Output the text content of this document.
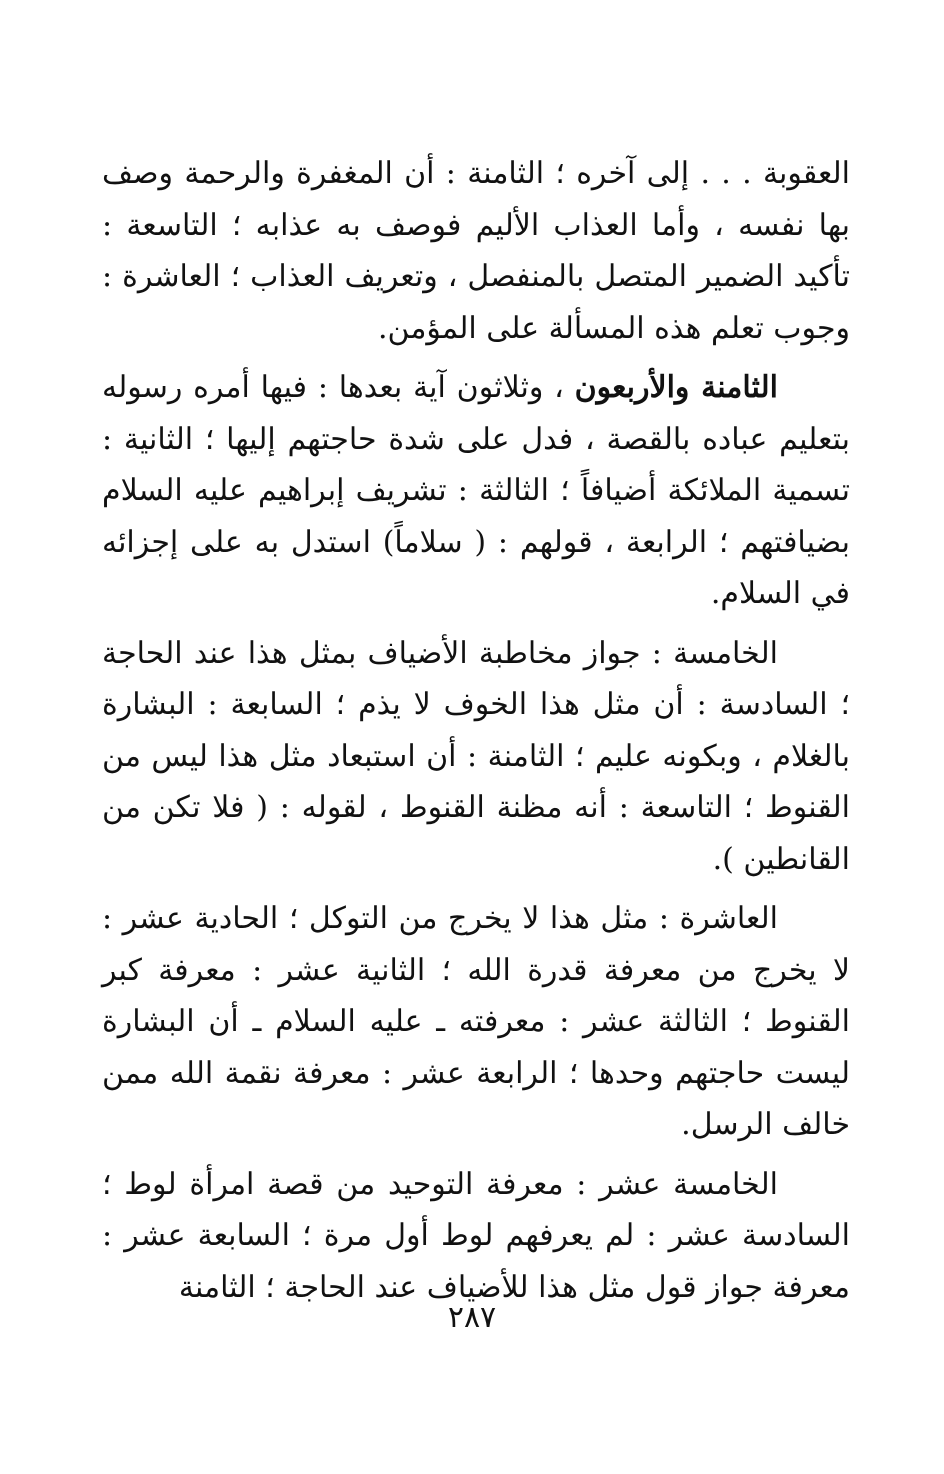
العقوبة . . . إلى آخره ؛ الثامنة : أن المغفرة والرحمة وصف بها نفسه ، وأما العذاب الأليم فوصف به عذابه ؛ التاسعة : تأكيد الضمير المتصل بالمنفصل ، وتعريف العذاب ؛ العاشرة : وجوب تعلم هذه المسألة على المؤمن.

الثامنة والأربعون ، وثلاثون آية بعدها : فيها أمره رسوله بتعليم عباده بالقصة ، فدل على شدة حاجتهم إليها ؛ الثانية : تسمية الملائكة أضيافاً ؛ الثالثة : تشريف إبراهيم عليه السلام بضيافتهم ؛ الرابعة ، قولهم : ( سلاماً) استدل به على إجزائه في السلام.

الخامسة : جواز مخاطبة الأضياف بمثل هذا عند الحاجة ؛ السادسة : أن مثل هذا الخوف لا يذم ؛ السابعة : البشارة بالغلام ، وبكونه عليم ؛ الثامنة : أن استبعاد مثل هذا ليس من القنوط ؛ التاسعة : أنه مظنة القنوط ، لقوله : ( فلا تكن من القانطين ).

العاشرة : مثل هذا لا يخرج من التوكل ؛ الحادية عشر : لا يخرج من معرفة قدرة الله ؛ الثانية عشر : معرفة كبر القنوط ؛ الثالثة عشر : معرفته ـ عليه السلام ـ أن البشارة ليست حاجتهم وحدها ؛ الرابعة عشر : معرفة نقمة الله ممن خالف الرسل.

الخامسة عشر : معرفة التوحيد من قصة امرأة لوط ؛ السادسة عشر : لم يعرفهم لوط أول مرة ؛ السابعة عشر : معرفة جواز قول مثل هذا للأضياف عند الحاجة ؛ الثامنة

٢٨٧
